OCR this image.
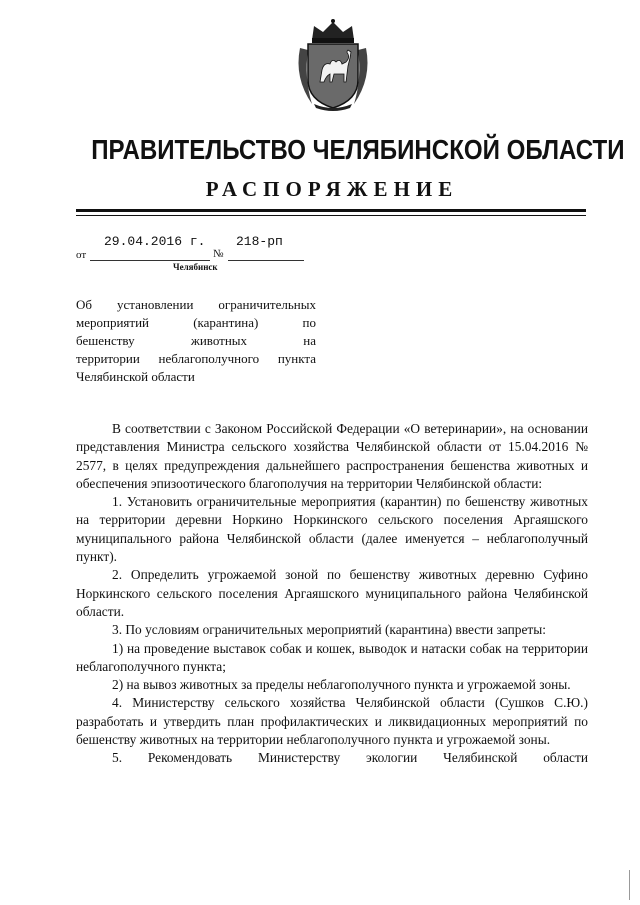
ПРАВИТЕЛЬСТВО ЧЕЛЯБИНСКОЙ ОБЛАСТИ
РАСПОРЯЖЕНИЕ
от
29.04.2016 г.
№
218-рп
Челябинск
Об установлении ограничительных
мероприятий (карантина) по
бешенству животных на
территории неблагополучного пункта
Челябинской области

В соответствии с Законом Российской Федерации «О ветеринарии», на основании представления Министра сельского хозяйства Челябинской области от 15.04.2016 № 2577, в целях предупреждения дальнейшего распространения бешенства животных и обеспечения эпизоотического благополучия на территории Челябинской области:

1. Установить ограничительные мероприятия (карантин) по бешенству животных на территории деревни Норкино Норкинского сельского поселения Аргаяшского муниципального района Челябинской области (далее именуется – неблагополучный пункт).

2. Определить угрожаемой зоной по бешенству животных деревню Суфино Норкинского сельского поселения Аргаяшского муниципального района Челябинской области.

3. По условиям ограничительных мероприятий (карантина) ввести запреты:

1) на проведение выставок собак и кошек, выводок и натаски собак на территории неблагополучного пункта;

2) на вывоз животных за пределы неблагополучного пункта и угрожаемой зоны.

4. Министерству сельского хозяйства Челябинской области (Сушков С.Ю.) разработать и утвердить план профилактических и ликвидационных мероприятий по бешенству животных на территории неблагополучного пункта и угрожаемой зоны.

5. Рекомендовать Министерству экологии Челябинской области
